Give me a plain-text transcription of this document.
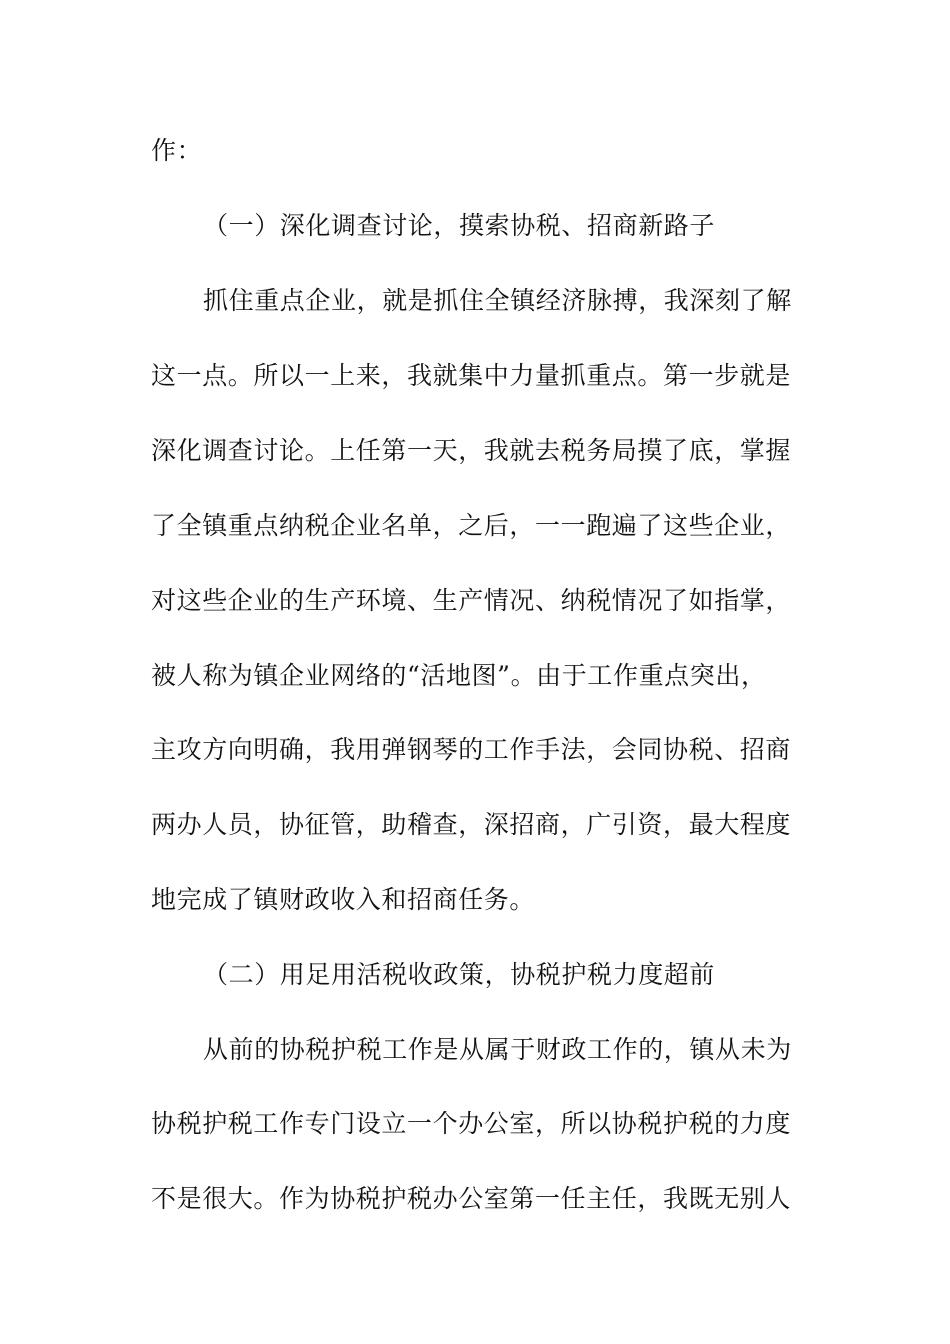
作：
（一）深化调查讨论，摸索协税、招商新路子
抓住重点企业，就是抓住全镇经济脉搏，我深刻了解
这一点。所以一上来，我就集中力量抓重点。第一步就是
深化调查讨论。上任第一天，我就去税务局摸了底，掌握
了全镇重点纳税企业名单，之后，一一跑遍了这些企业，
对这些企业的生产环境、生产情况、纳税情况了如指掌，
被人称为镇企业网络的“活地图”。由于工作重点突出，
主攻方向明确，我用弹钢琴的工作手法，会同协税、招商
两办人员，协征管，助稽查，深招商，广引资，最大程度
地完成了镇财政收入和招商任务。
（二）用足用活税收政策，协税护税力度超前
从前的协税护税工作是从属于财政工作的，镇从未为
协税护税工作专门设立一个办公室，所以协税护税的力度
不是很大。作为协税护税办公室第一任主任，我既无别人
